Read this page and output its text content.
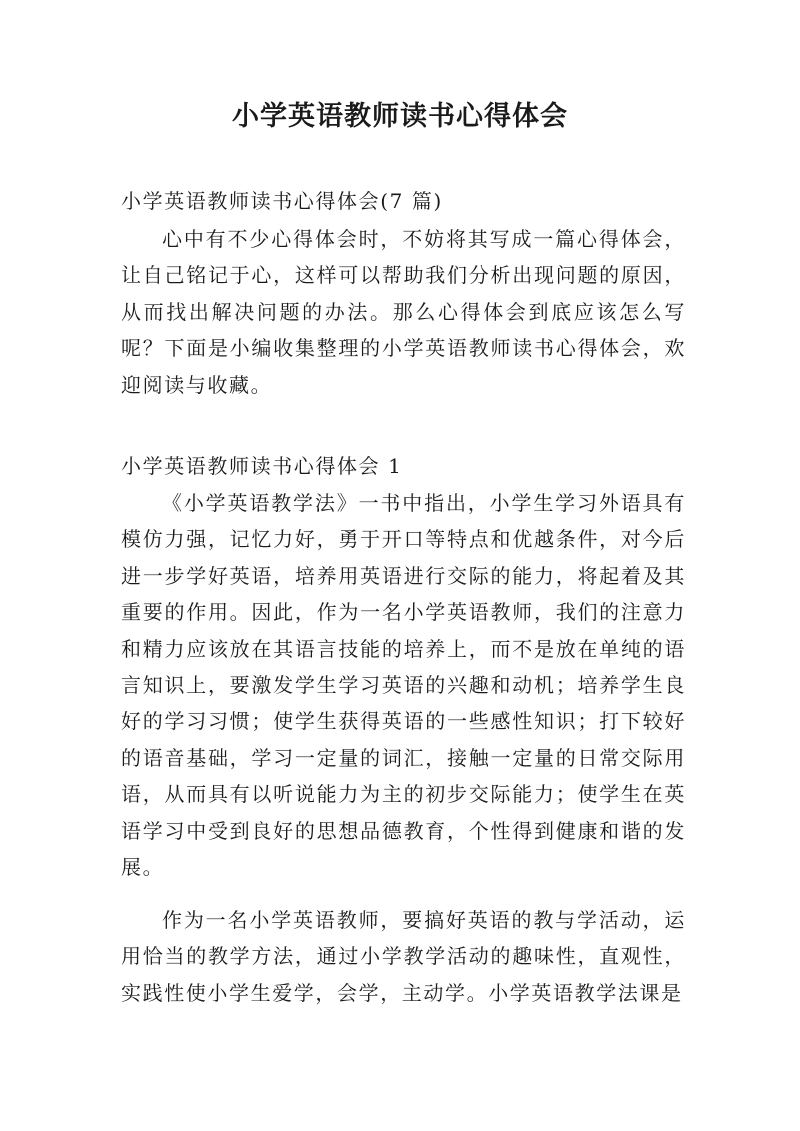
小学英语教师读书心得体会

小学英语教师读书心得体会(7 篇)

心中有不少心得体会时，不妨将其写成一篇心得体会，让自己铭记于心，这样可以帮助我们分析出现问题的原因，从而找出解决问题的办法。那么心得体会到底应该怎么写呢？下面是小编收集整理的小学英语教师读书心得体会，欢迎阅读与收藏。

小学英语教师读书心得体会 1

《小学英语教学法》一书中指出，小学生学习外语具有模仿力强，记忆力好，勇于开口等特点和优越条件，对今后进一步学好英语，培养用英语进行交际的能力，将起着及其重要的作用。因此，作为一名小学英语教师，我们的注意力和精力应该放在其语言技能的培养上，而不是放在单纯的语言知识上，要激发学生学习英语的兴趣和动机；培养学生良好的学习习惯；使学生获得英语的一些感性知识；打下较好的语音基础，学习一定量的词汇，接触一定量的日常交际用语，从而具有以听说能力为主的初步交际能力；使学生在英语学习中受到良好的思想品德教育，个性得到健康和谐的发展。

作为一名小学英语教师，要搞好英语的教与学活动，运用恰当的教学方法，通过小学教学活动的趣味性，直观性，实践性使小学生爱学，会学，主动学。小学英语教学法课是
